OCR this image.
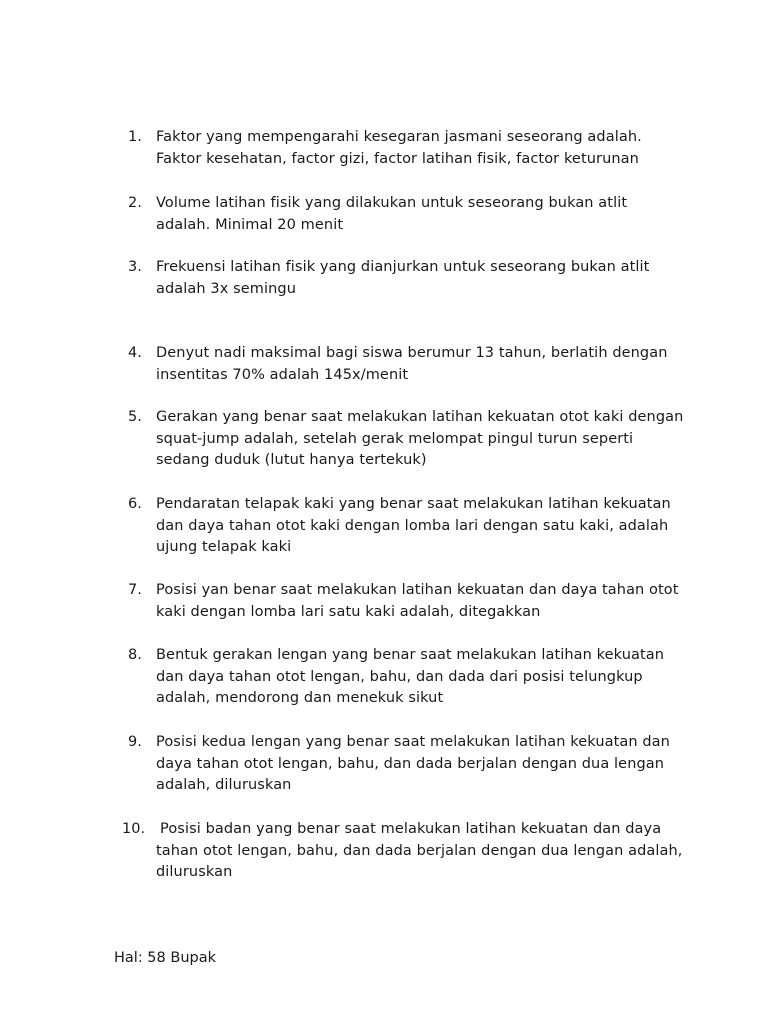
1. Faktor yang mempengarahi kesegaran jasmani seseorang adalah.
Faktor kesehatan, factor gizi, factor latihan fisik, factor keturunan
2. Volume latihan fisik yang dilakukan untuk seseorang bukan atlit
adalah. Minimal 20 menit
3. Frekuensi latihan fisik yang dianjurkan untuk seseorang bukan atlit
adalah 3x semingu
4. Denyut nadi maksimal bagi siswa berumur 13 tahun, berlatih dengan
insentitas 70% adalah 145x/menit
5. Gerakan yang benar saat melakukan latihan kekuatan otot kaki dengan
squat-jump adalah, setelah gerak melompat pingul turun seperti
sedang duduk (lutut hanya tertekuk)
6. Pendaratan telapak kaki yang benar saat melakukan latihan kekuatan
dan daya tahan otot kaki dengan lomba lari dengan satu kaki, adalah
ujung telapak kaki
7. Posisi yan benar saat melakukan latihan kekuatan dan daya tahan otot
kaki dengan lomba lari satu kaki adalah, ditegakkan
8. Bentuk gerakan lengan yang benar saat melakukan latihan kekuatan
dan daya tahan otot lengan, bahu, dan dada dari posisi telungkup
adalah, mendorong dan menekuk sikut
9. Posisi kedua lengan yang benar saat melakukan latihan kekuatan dan
daya tahan otot lengan, bahu, dan dada berjalan dengan dua lengan
adalah, diluruskan
10. Posisi badan yang benar saat melakukan latihan kekuatan dan daya
tahan otot lengan, bahu, dan dada berjalan dengan dua lengan adalah,
diluruskan
Hal: 58 Bupak
